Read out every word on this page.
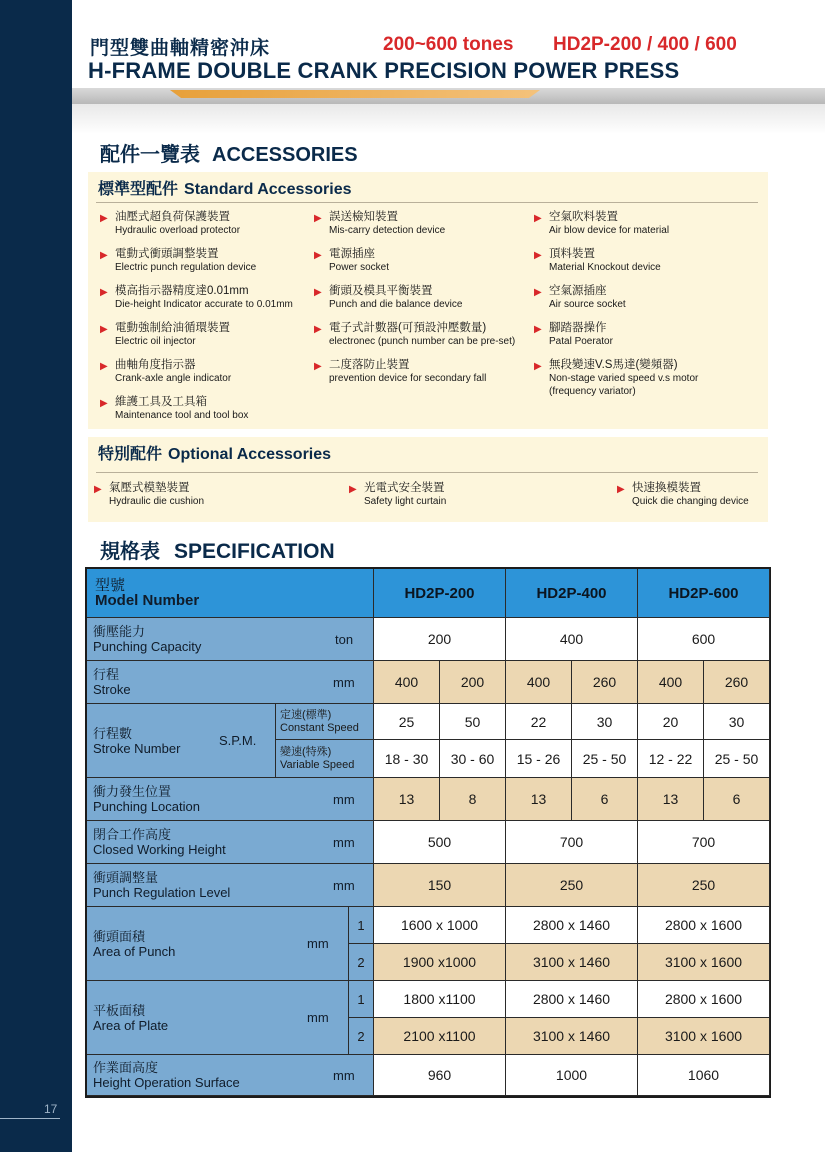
17
門型雙曲軸精密沖床	200~600 tones HD2P-200 / 400 / 600
H-FRAME DOUBLE CRANK PRECISION POWER PRESS
配件一覽表 ACCESSORIES
標準型配件 Standard Accessories
▶ 油壓式超負荷保護裝置
Hydraulic overload protector
▶ 電動式衝頭調整裝置
Electric punch regulation device
▶ 模高指示器精度達0.01mm
Die-height Indicator accurate to 0.01mm
▶ 電動強制給油循環裝置
Electric oil injector
▶ 曲軸角度指示器
Crank-axle angle indicator
▶ 維護工具及工具箱
Maintenance tool and tool box
▶ 誤送檢知裝置
Mis-carry detection device
▶ 電源插座
Power socket
▶ 衝頭及模具平衡裝置
Punch and die balance device
▶ 電子式計數器(可預設沖壓數量)
electronec (punch number can be pre-set)
▶ 二度落防止裝置
prevention device for secondary fall
▶ 空氣吹料裝置
Air blow device for material
▶ 頂料裝置
Material Knockout device
▶ 空氣源插座
Air source socket
▶ 腳踏器操作
Patal Poerator
▶ 無段變速V.S馬達(變頻器)
Non-stage varied speed v.s motor
(frequency variator)
特別配件 Optional Accessories
▶ 氣壓式模墊裝置
Hydraulic die cushion
▶ 光電式安全裝置
Safety light curtain
▶ 快速換模裝置
Quick die changing device
規格表 SPECIFICATION
型號
Model Number	HD2P-200	HD2P-400	HD2P-600
衝壓能力
Punching Capacity	ton	200	400	600
行程
Stroke	mm	400	200	400	260	400	260
行程數
Stroke Number	S.P.M.
定速(標準)
Constant Speed	25	50	22	30	20	30
變速(特殊)
Variable Speed	18 - 30	30 - 60	15 - 26	25 - 50	12 - 22	25 - 50
衝力發生位置
Punching Location	mm	13	8	13	6	13	6
閉合工作高度
Closed Working Height	mm	500	700	700
衝頭調整量
Punch Regulation Level	mm	150	250	250
衝頭面積
Area of Punch	mm
1	1600 x 1000	2800 x 1460	2800 x 1600
2	1900 x1000	3100 x 1460	3100 x 1600
平板面積
Area of Plate	mm
1	1800 x1100	2800 x 1460	2800 x 1600
2	2100 x1100	3100 x 1460	3100 x 1600
作業面高度
Height Operation Surface	mm	960	1000	1060
